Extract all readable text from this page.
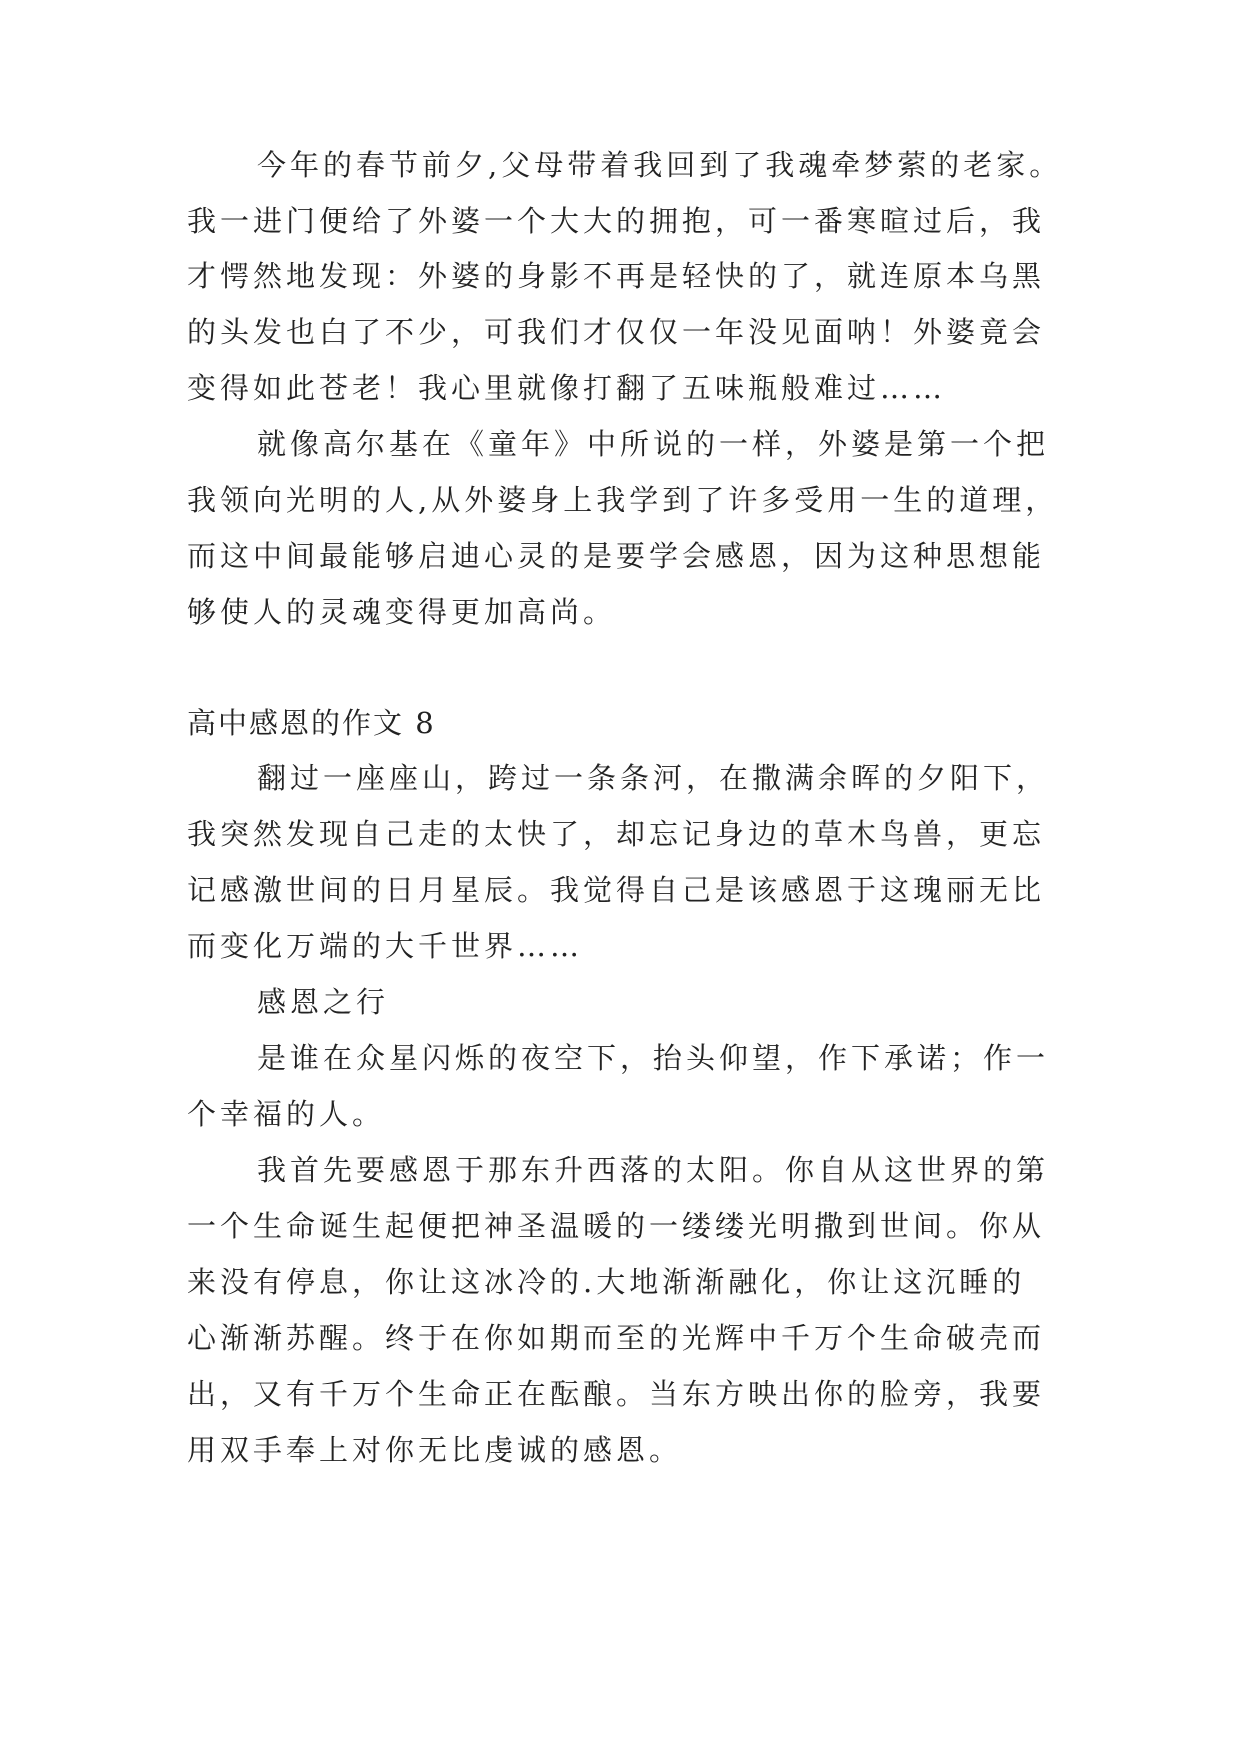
今年的春节前夕,父母带着我回到了我魂牵梦萦的老家。
我一进门便给了外婆一个大大的拥抱，可一番寒暄过后，我
才愕然地发现：外婆的身影不再是轻快的了，就连原本乌黑
的头发也白了不少，可我们才仅仅一年没见面呐！外婆竟会
变得如此苍老！我心里就像打翻了五味瓶般难过……
就像高尔基在《童年》中所说的一样，外婆是第一个把
我领向光明的人,从外婆身上我学到了许多受用一生的道理，
而这中间最能够启迪心灵的是要学会感恩，因为这种思想能
够使人的灵魂变得更加高尚。
高中感恩的作文 8
翻过一座座山，跨过一条条河，在撒满余晖的夕阳下，
我突然发现自己走的太快了，却忘记身边的草木鸟兽，更忘
记感激世间的日月星辰。我觉得自己是该感恩于这瑰丽无比
而变化万端的大千世界……
感恩之行
是谁在众星闪烁的夜空下，抬头仰望，作下承诺；作一
个幸福的人。
我首先要感恩于那东升西落的太阳。你自从这世界的第
一个生命诞生起便把神圣温暖的一缕缕光明撒到世间。你从
来没有停息，你让这冰冷的.大地渐渐融化，你让这沉睡的
心渐渐苏醒。终于在你如期而至的光辉中千万个生命破壳而
出，又有千万个生命正在酝酿。当东方映出你的脸旁，我要
用双手奉上对你无比虔诚的感恩。
